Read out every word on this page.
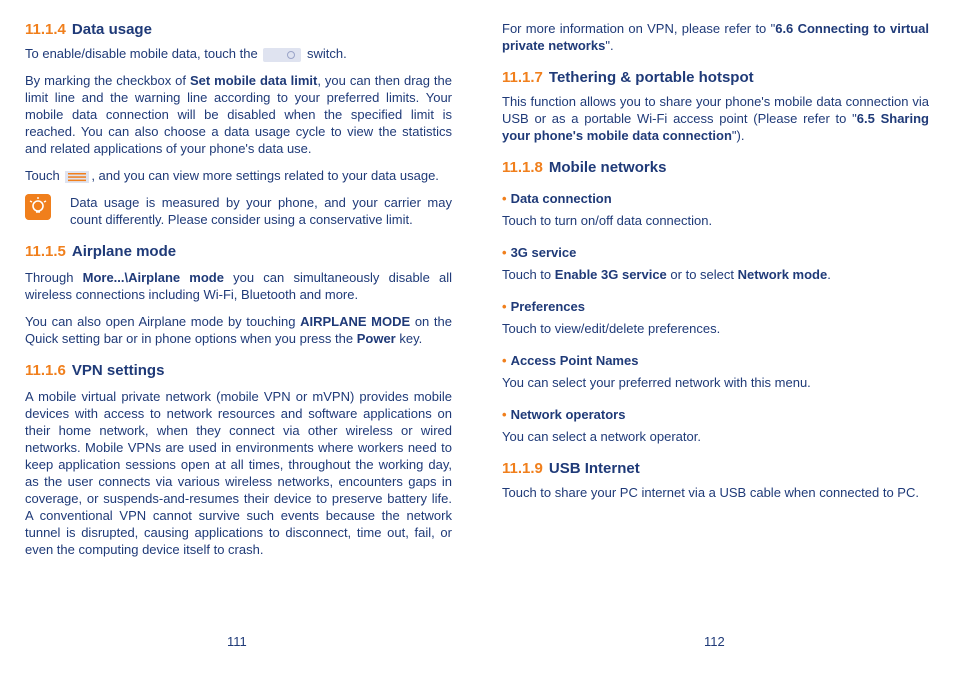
11.1.4 Data usage

To enable/disable mobile data, touch the	switch.

By marking the checkbox of Set mobile data limit, you can then drag the limit line and the warning line according to your preferred limits. Your mobile data connection will be disabled when the specified limit is reached. You can also choose a data usage cycle to view the statistics and related applications of your phone's data use.

Touch , and you can view more settings related to your data usage.

Data usage is measured by your phone, and your carrier may count differently. Please consider using a conservative limit.

11.1.5 Airplane mode

Through More...\Airplane mode you can simultaneously disable all wireless connections including Wi-Fi, Bluetooth and more.

You can also open Airplane mode by touching AIRPLANE MODE on the Quick setting bar or in phone options when you press the Power key.

11.1.6 VPN settings

A mobile virtual private network (mobile VPN or mVPN) provides mobile devices with access to network resources and software applications on their home network, when they connect via other wireless or wired networks. Mobile VPNs are used in environments where workers need to keep application sessions open at all times, throughout the working day, as the user connects via various wireless networks, encounters gaps in coverage, or suspends-and-resumes their device to preserve battery life. A conventional VPN cannot survive such events because the network tunnel is disrupted, causing applications to disconnect, time out, fail, or even the computing device itself to crash.

111

For more information on VPN, please refer to "6.6 Connecting to virtual private networks".

11.1.7 Tethering & portable hotspot

This function allows you to share your phone's mobile data connection via USB or as a portable Wi-Fi access point (Please refer to "6.5 Sharing your phone's mobile data connection").

11.1.8 Mobile networks

• Data connection

Touch to turn on/off data connection.

• 3G service

Touch to Enable 3G service or to select Network mode.

• Preferences

Touch to view/edit/delete preferences.

• Access Point Names

You can select your preferred network with this menu.

• Network operators

You can select a network operator.

11.1.9 USB Internet

Touch to share your PC internet via a USB cable when connected to PC.

112
